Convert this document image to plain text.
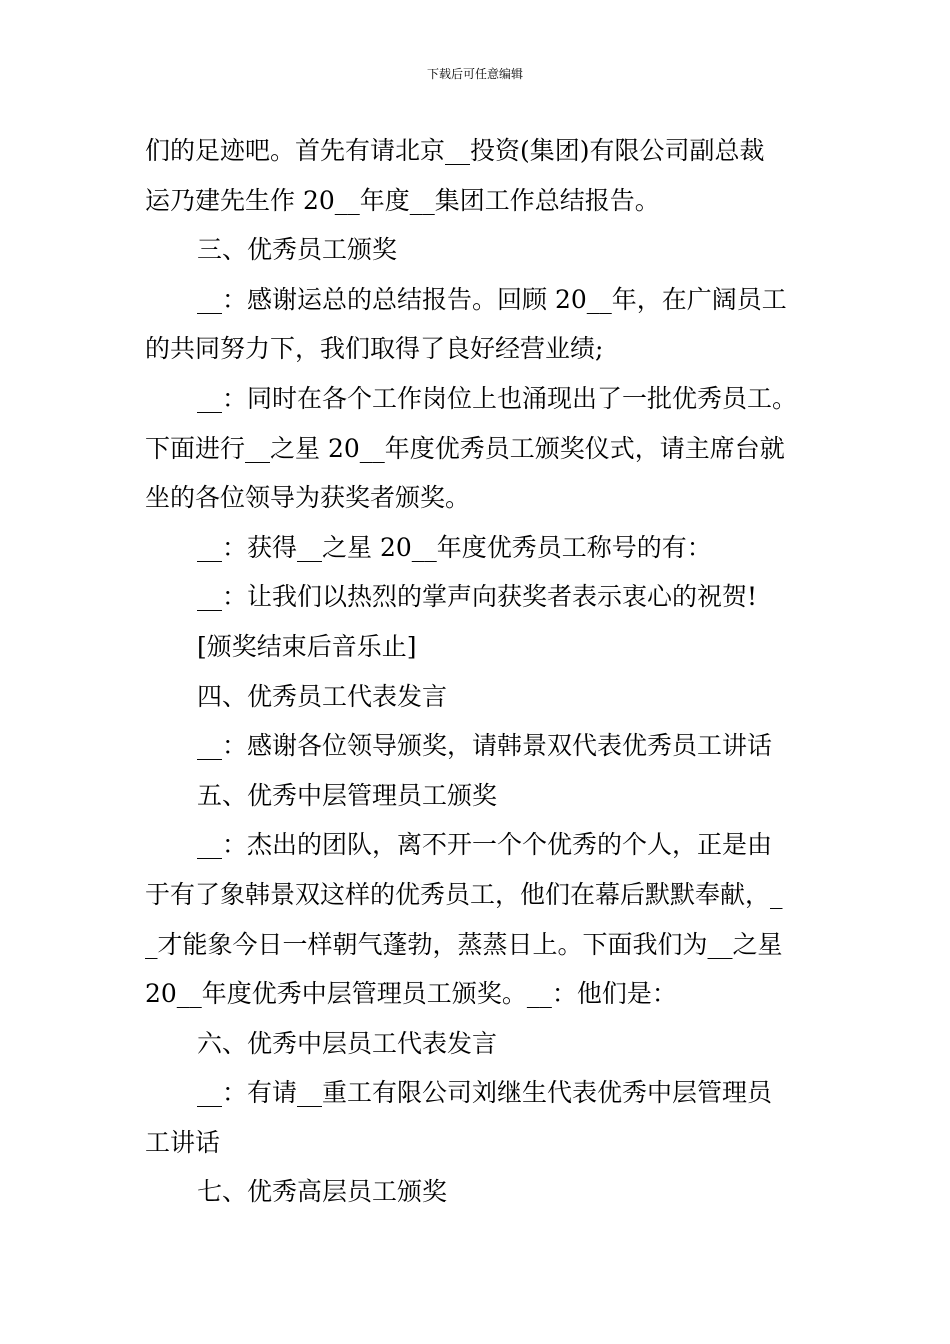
下载后可任意编辑
们的足迹吧。首先有请北京__投资(集团)有限公司副总裁
运乃建先生作 20__年度__集团工作总结报告。
三、优秀员工颁奖
__：感谢运总的总结报告。回顾 20__年，在广阔员工
的共同努力下，我们取得了良好经营业绩;
__：同时在各个工作岗位上也涌现出了一批优秀员工。
下面进行__之星 20__年度优秀员工颁奖仪式，请主席台就
坐的各位领导为获奖者颁奖。
__：获得__之星 20__年度优秀员工称号的有：
__：让我们以热烈的掌声向获奖者表示衷心的祝贺!
[颁奖结束后音乐止]
四、优秀员工代表发言
__：感谢各位领导颁奖，请韩景双代表优秀员工讲话
五、优秀中层管理员工颁奖
__：杰出的团队，离不开一个个优秀的个人，正是由
于有了象韩景双这样的优秀员工，他们在幕后默默奉献，_
_才能象今日一样朝气蓬勃，蒸蒸日上。下面我们为__之星
20__年度优秀中层管理员工颁奖。__：他们是：
六、优秀中层员工代表发言
__：有请__重工有限公司刘继生代表优秀中层管理员
工讲话
七、优秀高层员工颁奖
